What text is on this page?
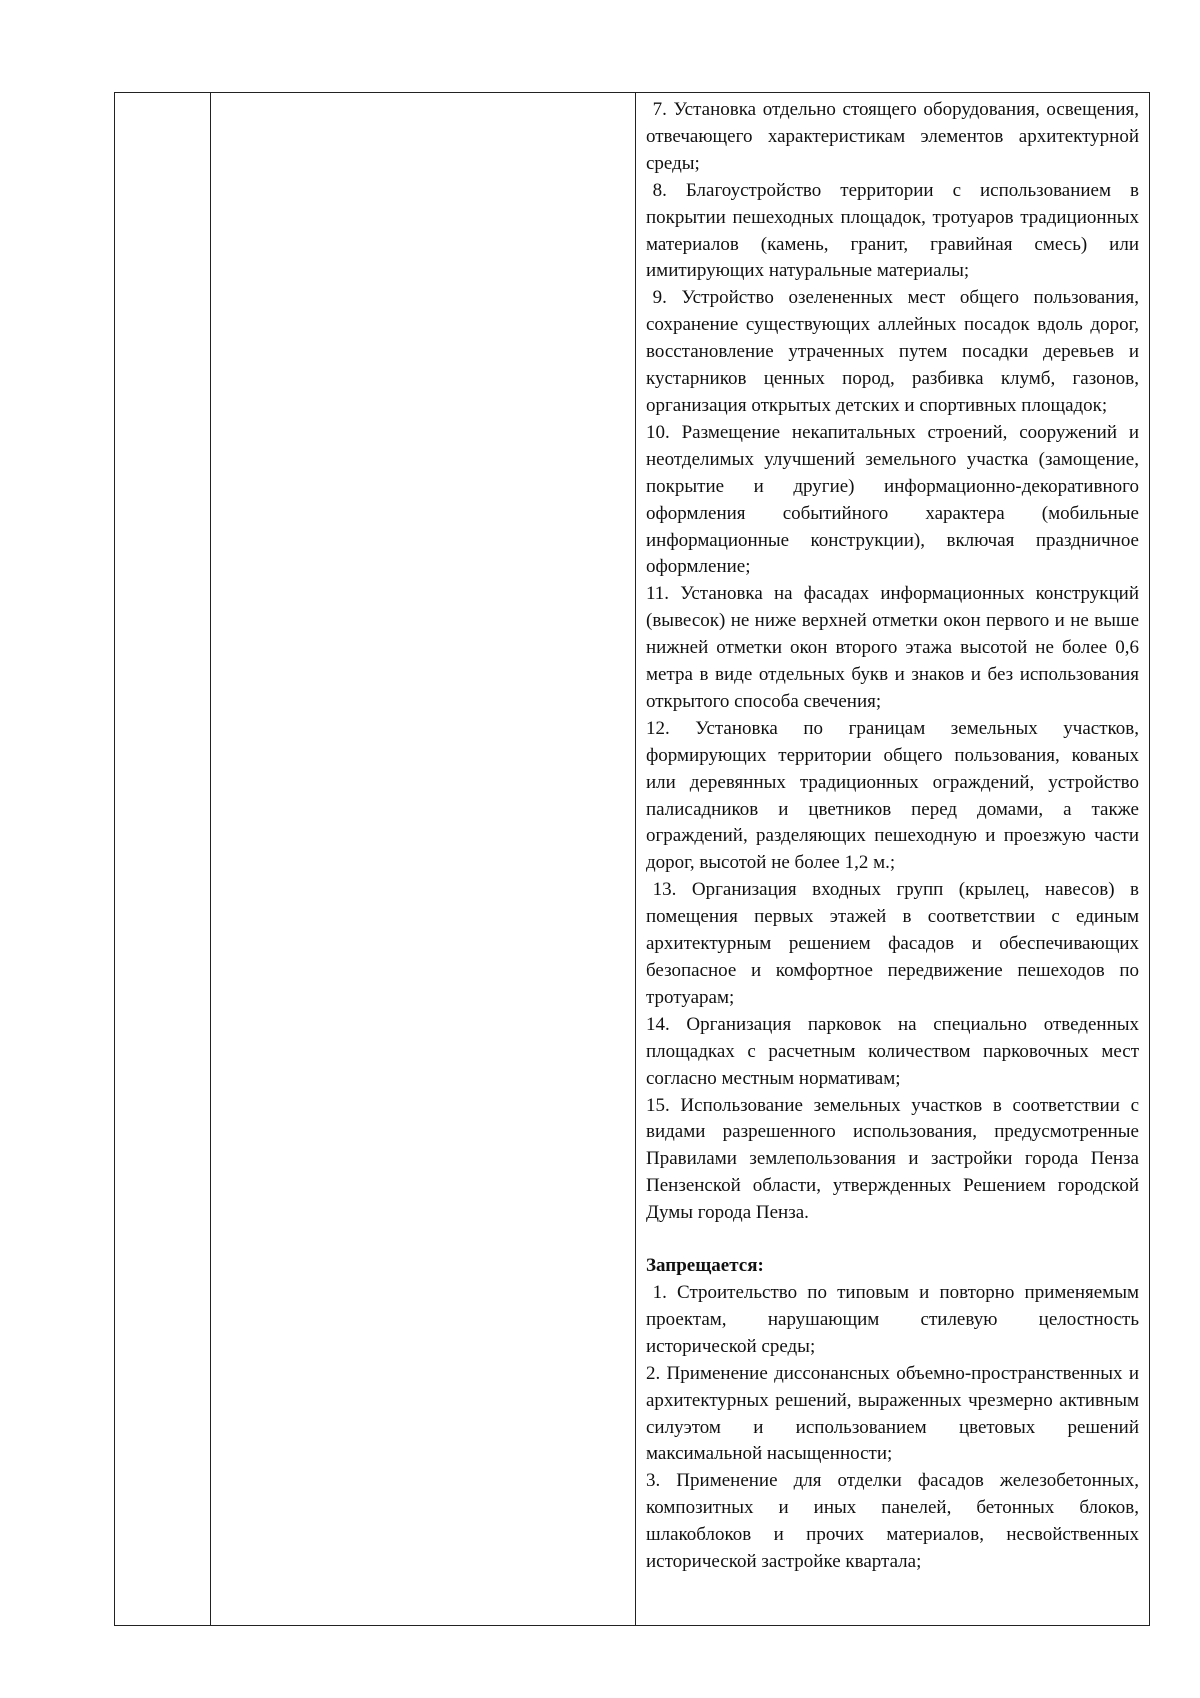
7. Установка отдельно стоящего оборудования, освещения, отвечающего характеристикам элементов архитектурной среды;

8. Благоустройство территории с использованием в покрытии пешеходных площадок, тротуаров традиционных материалов (камень, гранит, гравийная смесь) или имитирующих натуральные материалы;

9. Устройство озелененных мест общего пользования, сохранение существующих аллейных посадок вдоль дорог, восстановление утраченных путем посадки деревьев и кустарников ценных пород, разбивка клумб, газонов, организация открытых детских и спортивных площадок;

10. Размещение некапитальных строений, сооружений и неотделимых улучшений земельного участка (замощение, покрытие и другие) информационно-декоративного оформления событийного характера (мобильные информационные конструкции), включая праздничное оформление;

11. Установка на фасадах информационных конструкций (вывесок) не ниже верхней отметки окон первого и не выше нижней отметки окон второго этажа высотой не более 0,6 метра в виде отдельных букв и знаков и без использования открытого способа свечения;

12. Установка по границам земельных участков, формирующих территории общего пользования, кованых или деревянных традиционных ограждений, устройство палисадников и цветников перед домами, а также ограждений, разделяющих пешеходную и проезжую части дорог, высотой не более 1,2 м.;

13. Организация входных групп (крылец, навесов) в помещения первых этажей в соответствии с единым архитектурным решением фасадов и обеспечивающих безопасное и комфортное передвижение пешеходов по тротуарам;

14. Организация парковок на специально отведенных площадках с расчетным количеством парковочных мест согласно местным нормативам;

15. Использование земельных участков в соответствии с видами разрешенного использования, предусмотренные Правилами землепользования и застройки города Пенза Пензенской области, утвержденных Решением городской Думы города Пенза.

Запрещается:

1. Строительство по типовым и повторно применяемым проектам, нарушающим стилевую целостность исторической среды;

2. Применение диссонансных объемно-пространственных и архитектурных решений, выраженных чрезмерно активным силуэтом и использованием цветовых решений максимальной насыщенности;

3. Применение для отделки фасадов железобетонных, композитных и иных панелей, бетонных блоков, шлакоблоков и прочих материалов, несвойственных исторической застройке квартала;
